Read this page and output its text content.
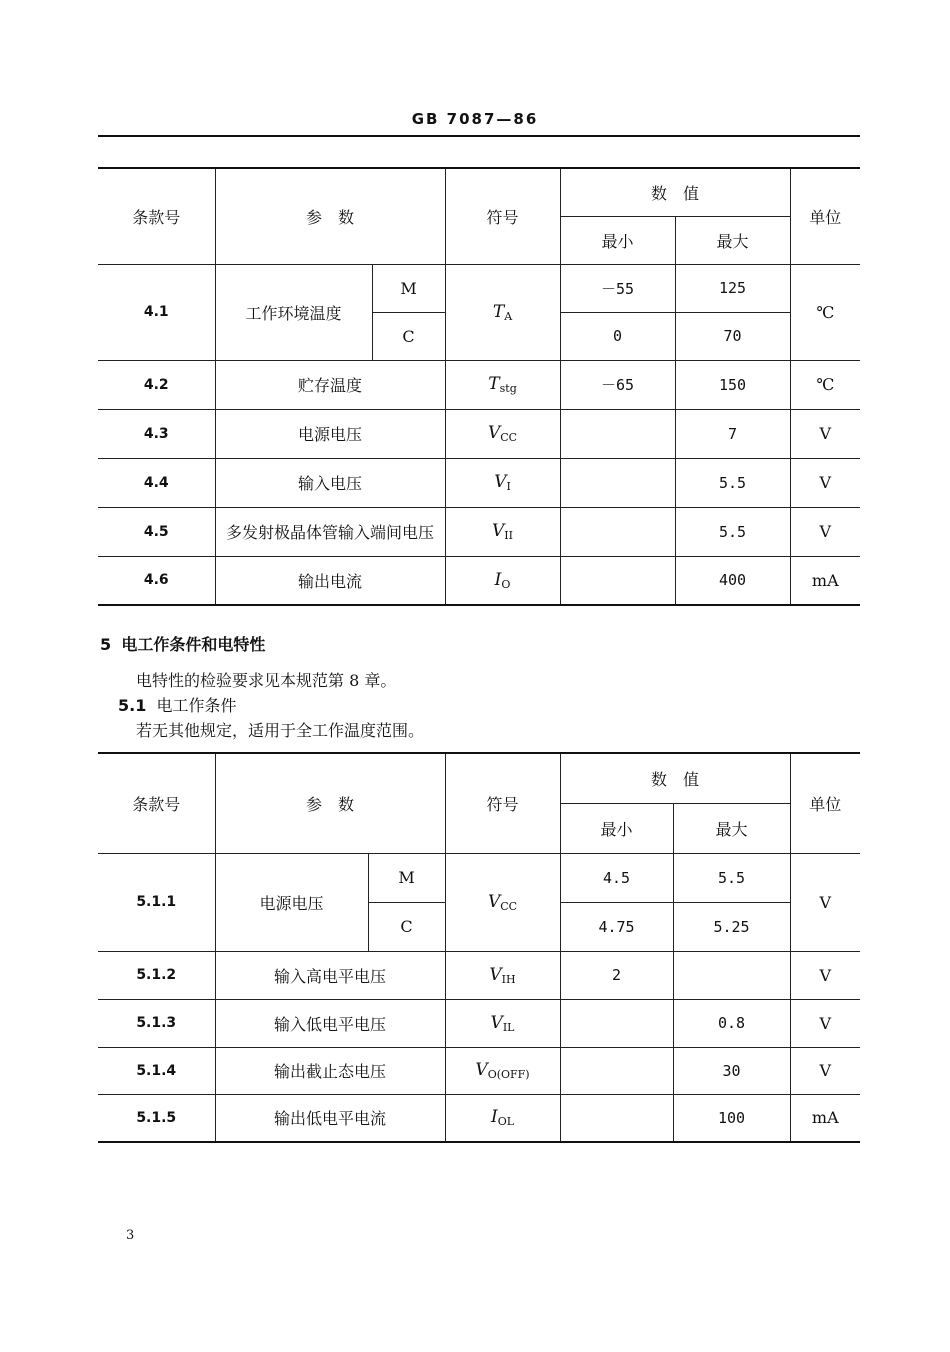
GB 7087—86
条款号	参　数		符号	数　值		单位
				最小	最大	
4.1	工作环境温度	M	$T_A$	－55	125	℃
		C		0	70	
4.2	贮存温度		$T_{stg}$	－65	150	℃
4.3	电源电压		$V_{CC}$		7	V
4.4	输入电压		$V_I$		5.5	V
4.5	多发射极晶体管输入端间电压		$V_{II}$		5.5	V
4.6	输出电流		$I_O$		400	mA
5 电工作条件和电特性
电特性的检验要求见本规范第 8 章。
5.1 电工作条件
若无其他规定，适用于全工作温度范围。
条款号	参　数		符号	数　值		单位
				最小	最大	
5.1.1	电源电压	M	$V_{CC}$	4.5	5.5	V
		C		4.75	5.25	
5.1.2	输入高电平电压		$V_{IH}$	2		V
5.1.3	输入低电平电压		$V_{IL}$		0.8	V
5.1.4	输出截止态电压		$V_{O(OFF)}$		30	V
5.1.5	输出低电平电流		$I_{OL}$		100	mA
3
